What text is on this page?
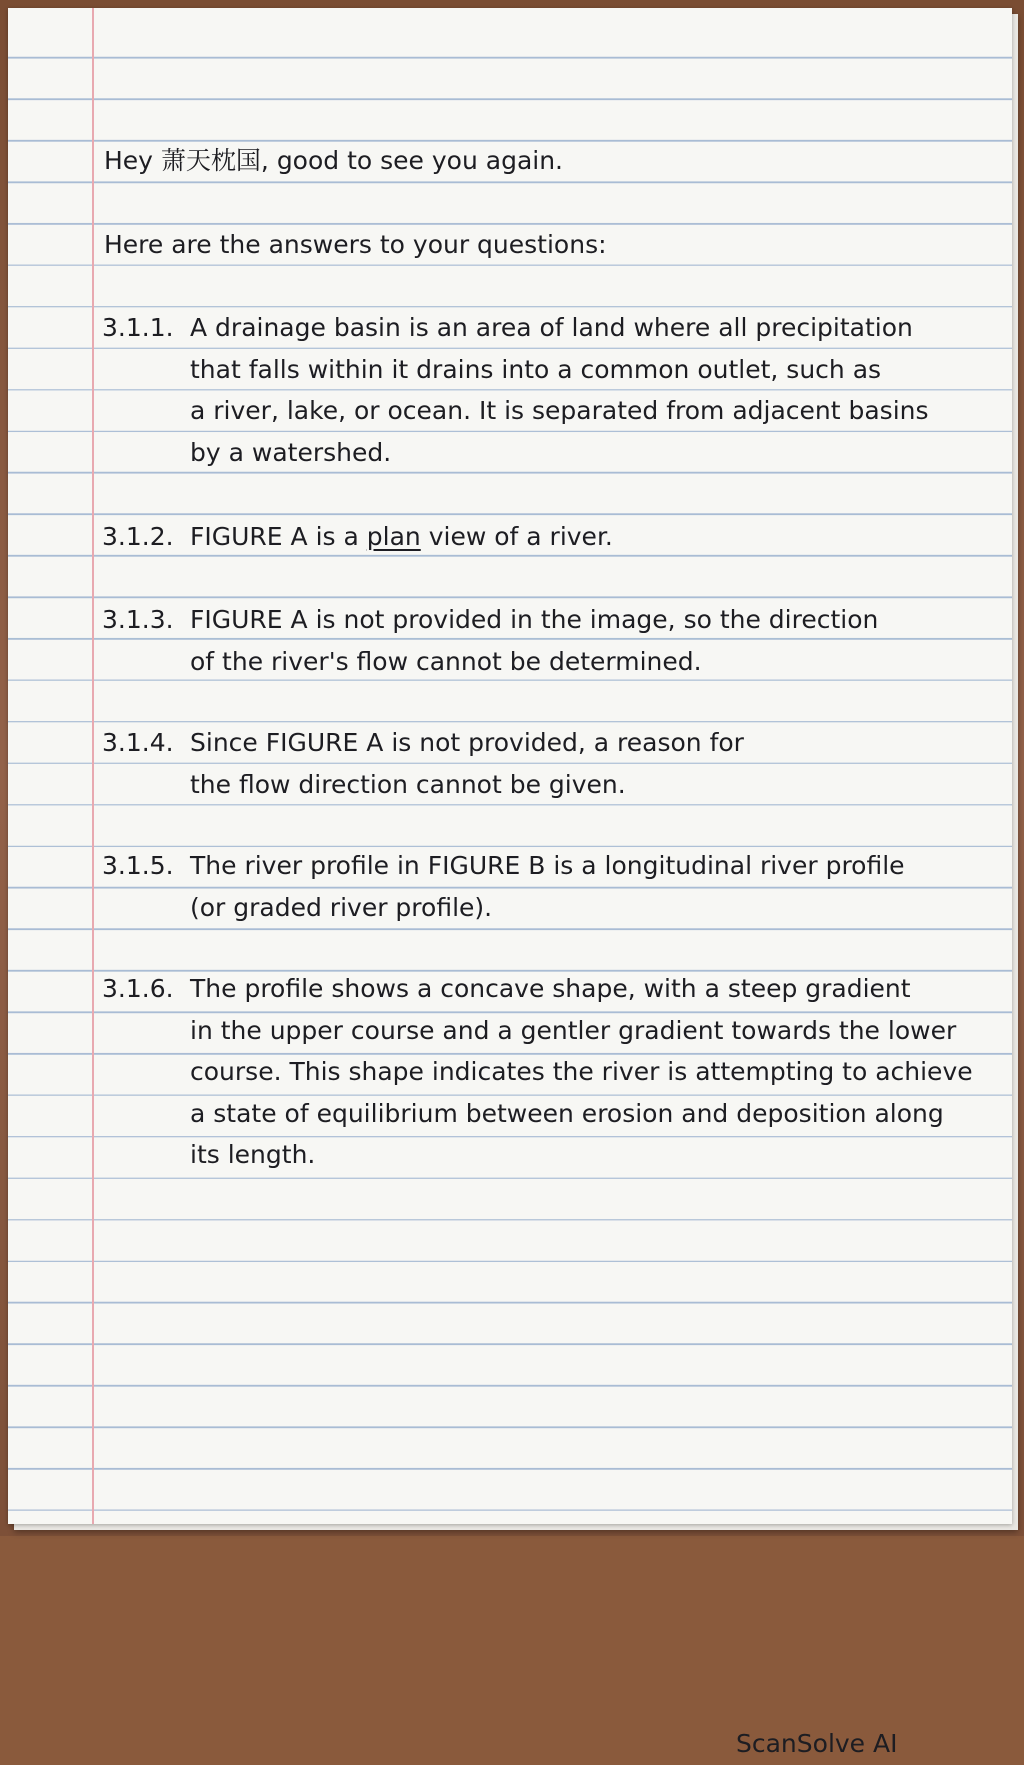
Hey 萧天枕国, good to see you again.
Here are the answers to your questions:
3.1.1. A drainage basin is an area of land where all precipitation
that falls within it drains into a common outlet, such as
a river, lake, or ocean. It is separated from adjacent basins
by a watershed.
3.1.2. FIGURE A is a plan view of a river.
3.1.3. FIGURE A is not provided in the image, so the direction
of the river's flow cannot be determined.
3.1.4. Since FIGURE A is not provided, a reason for
the flow direction cannot be given.
3.1.5. The river profile in FIGURE B is a longitudinal river profile
(or graded river profile).
3.1.6. The profile shows a concave shape, with a steep gradient
in the upper course and a gentler gradient towards the lower
course. This shape indicates the river is attempting to achieve
a state of equilibrium between erosion and deposition along
its length.
ScanSolve AI
